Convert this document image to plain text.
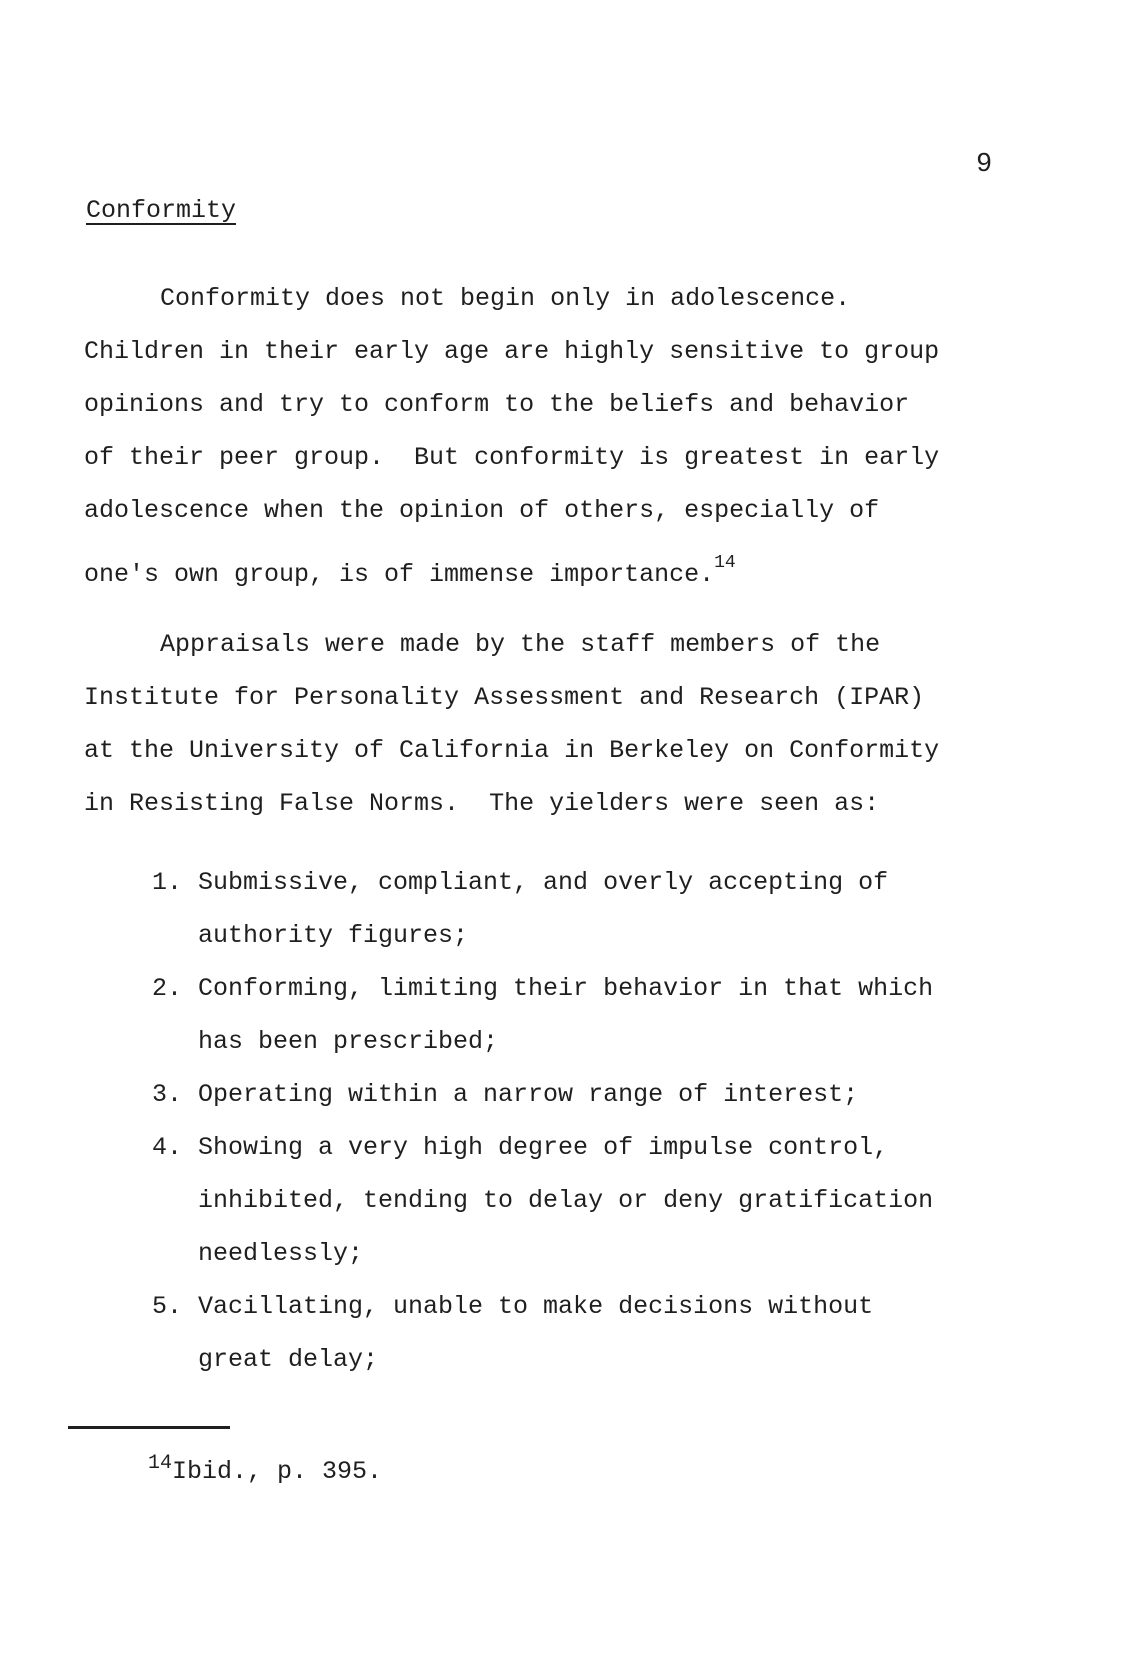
9
Conformity
Conformity does not begin only in adolescence.
Children in their early age are highly sensitive to group
opinions and try to conform to the beliefs and behavior
of their peer group.  But conformity is greatest in early
adolescence when the opinion of others, especially of
one's own group, is of immense importance.$^{14}$
Appraisals were made by the staff members of the
Institute for Personality Assessment and Research (IPAR)
at the University of California in Berkeley on Conformity
in Resisting False Norms.  The yielders were seen as:
1. Submissive, compliant, and overly accepting of
authority figures;
2. Conforming, limiting their behavior in that which
has been prescribed;
3. Operating within a narrow range of interest;
4. Showing a very high degree of impulse control,
inhibited, tending to delay or deny gratification
needlessly;
5. Vacillating, unable to make decisions without
great delay;
$^{14}$Ibid., p. 395.
